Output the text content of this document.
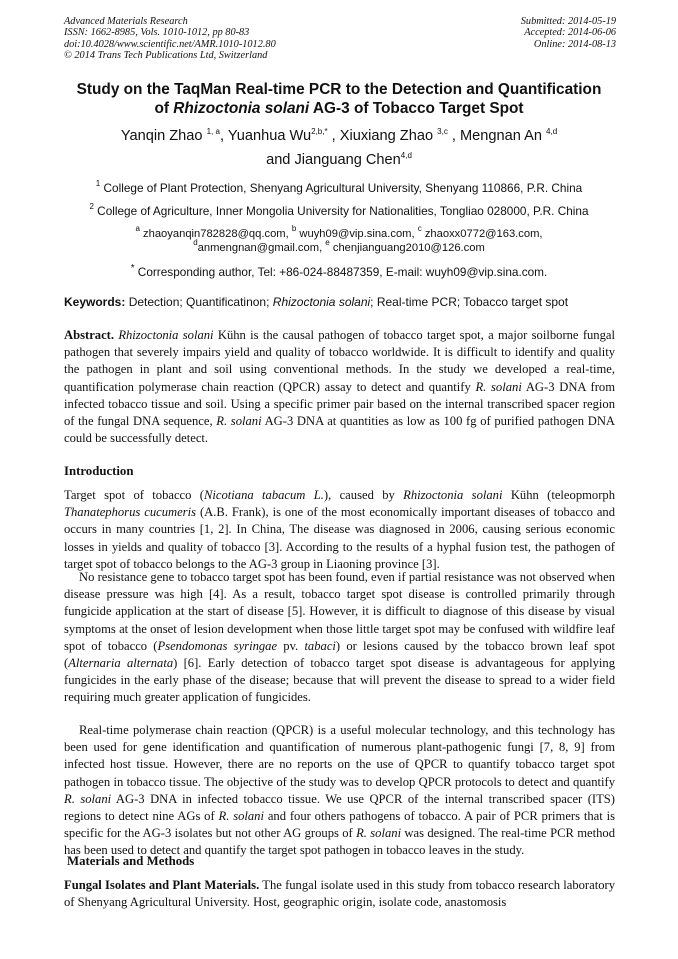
Advanced Materials Research
ISSN: 1662-8985, Vols. 1010-1012, pp 80-83
doi:10.4028/www.scientific.net/AMR.1010-1012.80
© 2014 Trans Tech Publications Ltd, Switzerland
Submitted: 2014-05-19
Accepted: 2014-06-06
Online: 2014-08-13
Study on the TaqMan Real-time PCR to the Detection and Quantification
of Rhizoctonia solani AG-3 of Tobacco Target Spot
Yanqin Zhao $^{1, a}$, Yuanhua $Wu^{2,b,*}$ , Xiuxiang Zhao $^{3,c}$ , Mengnan An $^{4,d}$
and Jianguang Chen$^{4,d}$
$^1$ College of Plant Protection, Shenyang Agricultural University, Shenyang 110866, P.R. China
$^2$ College of Agriculture, Inner Mongolia University for Nationalities, Tongliao 028000, P.R. China
$^a$ zhaoyanqin782828@qq.com, $^b$ wuyh09@vip.sina.com, $^c$ zhaoxx0772@163.com,
$^d$anmengnan@gmail.com, $^e$ chenjianguang2010@126.com
* Corresponding author, Tel: +86-024-88487359, E-mail: wuyh09@vip.sina.com.
Keywords: Detection; Quantificatinon; Rhizoctonia solani; Real-time PCR; Tobacco target spot

Abstract. Rhizoctonia solani Kühn is the causal pathogen of tobacco target spot, a major soilborne fungal pathogen that severely impairs yield and quality of tobacco worldwide. It is difficult to identify and quality the pathogen in plant and soil using conventional methods. In the study we developed a real-time, quantification polymerase chain reaction (QPCR) assay to detect and quantify R. solani AG-3 DNA from infected tobacco tissue and soil. Using a specific primer pair based on the internal transcribed spacer region of the fungal DNA sequence, R. solani AG-3 DNA at quantities as low as 100 fg of purified pathogen DNA could be successfully detect.

Introduction

Target spot of tobacco (Nicotiana tabacum L.), caused by Rhizoctonia solani Kühn (teleopmorph Thanatephorus cucumeris (A.B. Frank), is one of the most economically important diseases of tobacco and occurs in many countries [1, 2]. In China, The disease was diagnosed in 2006, causing serious economic losses in yields and quality of tobacco [3]. According to the results of a hyphal fusion test, the pathogen of target spot of tobacco belongs to the AG-3 group in Liaoning province [3].

No resistance gene to tobacco target spot has been found, even if partial resistance was not observed when disease pressure was high [4]. As a result, tobacco target spot disease is controlled primarily through fungicide application at the start of disease [5]. However, it is difficult to diagnose of this disease by visual symptoms at the onset of lesion development when those little target spot may be confused with wildfire leaf spot of tobacco (Psendomonas syringae pv. tabaci) or lesions caused by the tobacco brown leaf spot (Alternaria alternata) [6]. Early detection of tobacco target spot disease is advantageous for applying fungicides in the early phase of the disease; because that will prevent the disease to spread to a wider field requiring much greater application of fungicides.

Real-time polymerase chain reaction (QPCR) is a useful molecular technology, and this technology has been used for gene identification and quantification of numerous plant-pathogenic fungi [7, 8, 9] from infected host tissue. However, there are no reports on the use of QPCR to quantify tobacco target spot pathogen in tobacco tissue. The objective of the study was to develop QPCR protocols to detect and quantify R. solani AG-3 DNA in infected tobacco tissue. We use QPCR of the internal transcribed spacer (ITS) regions to detect nine AGs of R. solani and four others pathogens of tobacco. A pair of PCR primers that is specific for the AG-3 isolates but not other AG groups of R. solani was designed. The real-time PCR method has been used to detect and quantify the target spot pathogen in tobacco leaves in the study.

Materials and Methods

Fungal Isolates and Plant Materials. The fungal isolate used in this study from tobacco research laboratory of Shenyang Agricultural University. Host, geographic origin, isolate code, anastomosis
